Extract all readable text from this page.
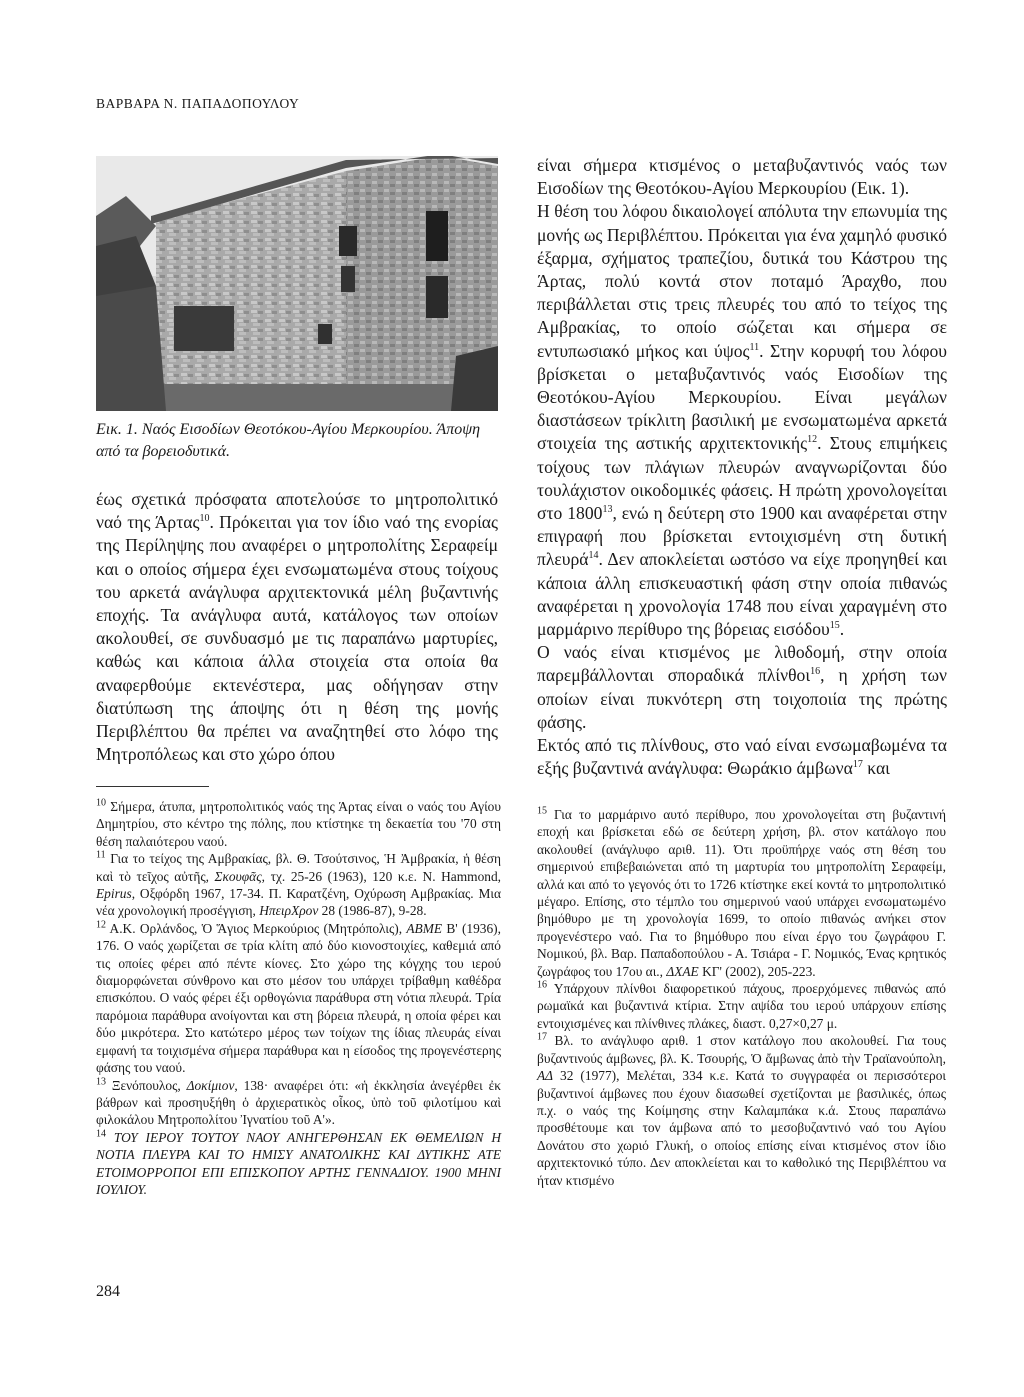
ΒΑΡΒΑΡΑ Ν. ΠΑΠΑΔΟΠΟΥΛΟΥ
Εικ. 1. Ναός Εισοδίων Θεοτόκου-Αγίου Μερκουρίου. Άποψη από τα βορειοδυτικά.

έως σχετικά πρόσφατα αποτελούσε το μητροπολιτικό ναό της Άρτας$^{10}$. Πρόκειται για τον ίδιο ναό της ενορίας της Περίληψης που αναφέρει ο μητροπολίτης Σεραφείμ και ο οποίος σήμερα έχει ενσωματωμένα στους τοίχους του αρκετά ανάγλυφα αρχιτεκτονικά μέλη βυζαντινής εποχής. Τα ανάγλυφα αυτά, κατάλογος των οποίων ακολουθεί, σε συνδυασμό με τις παραπάνω μαρτυρίες, καθώς και κάποια άλλα στοιχεία στα οποία θα αναφερθούμε εκτενέστερα, μας οδήγησαν στην διατύπωση της άποψης ότι η θέση της μονής Περιβλέπτου θα πρέπει να αναζητηθεί στο λόφο της Μητροπόλεως και στο χώρο όπου

είναι σήμερα κτισμένος ο μεταβυζαντινός ναός των Εισοδίων της Θεοτόκου-Αγίου Μερκουρίου (Εικ. 1).

Η θέση του λόφου δικαιολογεί απόλυτα την επωνυμία της μονής ως Περιβλέπτου. Πρόκειται για ένα χαμηλό φυσικό έξαρμα, σχήματος τραπεζίου, δυτικά του Κάστρου της Άρτας, πολύ κοντά στον ποταμό Άραχθο, που περιβάλλεται στις τρεις πλευρές του από το τείχος της Αμβρακίας, το οποίο σώζεται και σήμερα σε εντυπωσιακό μήκος και ύψος$^{11}$. Στην κορυφή του λόφου βρίσκεται ο μεταβυζαντινός ναός Εισοδίων της Θεοτόκου-Αγίου Μερκουρίου. Είναι μεγάλων διαστάσεων τρίκλιτη βασιλική με ενσωματωμένα αρκετά στοιχεία της αστικής αρχιτεκτονικής$^{12}$. Στους επιμήκεις τοίχους των πλάγιων πλευρών αναγνωρίζονται δύο τουλάχιστον οικοδομικές φάσεις. Η πρώτη χρονολογείται στο 1800$^{13}$, ενώ η δεύτερη στο 1900 και αναφέρεται στην επιγραφή που βρίσκεται εντοιχισμένη στη δυτική πλευρά$^{14}$. Δεν αποκλείεται ωστόσο να είχε προηγηθεί και κάποια άλλη επισκευαστική φάση στην οποία πιθανώς αναφέρεται η χρονολογία 1748 που είναι χαραγμένη στο μαρμάρινο περίθυρο της βόρειας εισόδου$^{15}$.

Ο ναός είναι κτισμένος με λιθοδομή, στην οποία παρεμβάλλονται σποραδικά πλίνθοι$^{16}$, η χρήση των οποίων είναι πυκνότερη στη τοιχοποιία της πρώτης φάσης.

Εκτός από τις πλίνθους, στο ναό είναι ενσωμαβωμένα τα εξής βυζαντινά ανάγλυφα: Θωράκιο άμβωνα$^{17}$ και

$^{10}$ Σήμερα, άτυπα, μητροπολιτικός ναός της Άρτας είναι ο ναός του Αγίου Δημητρίου, στο κέντρο της πόλης, που κτίστηκε τη δεκαετία του '70 στη θέση παλαιότερου ναού.

$^{11}$ Για το τείχος της Αμβρακίας, βλ. Θ. Τσούτσινος, Ἡ Ἀμβρακία, ἡ θέση καὶ τὸ τεῖχος αὐτῆς, Σκουφᾶς, τχ. 25-26 (1963), 120 κ.ε. Ν. Hammond, Epirus, Οξφόρδη 1967, 17-34. Π. Καρατζένη, Οχύρωση Αμβρακίας. Μια νέα χρονολογική προσέγγιση, ΗπειρΧρον 28 (1986-87), 9-28.

$^{12}$ Α.Κ. Ορλάνδος, Ὁ Ἅγιος Μερκούριος (Μητρόπολις), ΑΒΜΕ Β' (1936), 176. Ο ναός χωρίζεται σε τρία κλίτη από δύο κιονοστοιχίες, καθεμιά από τις οποίες φέρει από πέντε κίονες. Στο χώρο της κόγχης του ιερού διαμορφώνεται σύνθρονο και στο μέσον του υπάρχει τρίβαθμη καθέδρα επισκόπου. Ο ναός φέρει έξι ορθογώνια παράθυρα στη νότια πλευρά. Τρία παρόμοια παράθυρα ανοίγονται και στη βόρεια πλευρά, η οποία φέρει και δύο μικρότερα. Στο κατώτερο μέρος των τοίχων της ίδιας πλευράς είναι εμφανή τα τοιχισμένα σήμερα παράθυρα και η είσοδος της προγενέστερης φάσης του ναού.

$^{13}$ Ξενόπουλος, Δοκίμιον, 138· αναφέρει ότι: «ἡ ἐκκλησία ἀνεγέρθει ἐκ βάθρων καὶ προσηυξήθη ὁ ἀρχιερατικὸς οἶκος, ὑπὸ τοῦ φιλοτίμου καὶ φιλοκάλου Μητροπολίτου Ἰγνατίου τοῦ Α'».

$^{14}$ ΤΟΥ ΙΕΡΟΥ ΤΟΥΤΟΥ ΝΑΟΥ ΑΝΗΓΕΡΘΗΣΑΝ ΕΚ ΘΕΜΕΛΙΩΝ Η ΝΟΤΙΑ ΠΛΕΥΡΑ ΚΑΙ ΤΟ ΗΜΙΣΥ ΑΝΑΤΟΛΙΚΗΣ ΚΑΙ ΔΥΤΙΚΗΣ ΑΤΕ ΕΤΟΙΜΟΡΡΟΠΟΙ ΕΠΙ ΕΠΙΣΚΟΠΟΥ ΑΡΤΗΣ ΓΕΝΝΑΔΙΟΥ. 1900 ΜΗΝΙ ΙΟΥΛΙΟΥ.

$^{15}$ Για το μαρμάρινο αυτό περίθυρο, που χρονολογείται στη βυζαντινή εποχή και βρίσκεται εδώ σε δεύτερη χρήση, βλ. στον κατάλογο που ακολουθεί (ανάγλυφο αριθ. 11). Ότι προϋπήρχε ναός στη θέση του σημερινού επιβεβαιώνεται από τη μαρτυρία του μητροπολίτη Σεραφείμ, αλλά και από το γεγονός ότι το 1726 κτίστηκε εκεί κοντά το μητροπολιτικό μέγαρο. Επίσης, στο τέμπλο του σημερινού ναού υπάρχει ενσωματωμένο βημόθυρο με τη χρονολογία 1699, το οποίο πιθανώς ανήκει στον προγενέστερο ναό. Για το βημόθυρο που είναι έργο του ζωγράφου Γ. Νομικού, βλ. Βαρ. Παπαδοπούλου - Α. Τσιάρα - Γ. Νομικός, Ένας κρητικός ζωγράφος του 17ου αι., ΔΧΑΕ ΚΓ' (2002), 205-223.

$^{16}$ Υπάρχουν πλίνθοι διαφορετικού πάχους, προερχόμενες πιθανώς από ρωμαϊκά και βυζαντινά κτίρια. Στην αψίδα του ιερού υπάρχουν επίσης εντοιχισμένες και πλίνθινες πλάκες, διαστ. 0,27×0,27 μ.

$^{17}$ Βλ. το ανάγλυφο αριθ. 1 στον κατάλογο που ακολουθεί. Για τους βυζαντινούς άμβωνες, βλ. Κ. Τσουρής, Ὁ ἄμβωνας ἀπὸ τὴν Τραϊανούπολη, ΑΔ 32 (1977), Μελέται, 334 κ.ε. Κατά το συγγραφέα οι περισσότεροι βυζαντινοί άμβωνες που έχουν διασωθεί σχετίζονται με βασιλικές, όπως π.χ. ο ναός της Κοίμησης στην Καλαμπάκα κ.ά. Στους παραπάνω προσθέτουμε και τον άμβωνα από το μεσοβυζαντινό ναό του Αγίου Δονάτου στο χωριό Γλυκή, ο οποίος επίσης είναι κτισμένος στον ίδιο αρχιτεκτονικό τύπο. Δεν αποκλείεται και το καθολικό της Περιβλέπτου να ήταν κτισμένο

284
